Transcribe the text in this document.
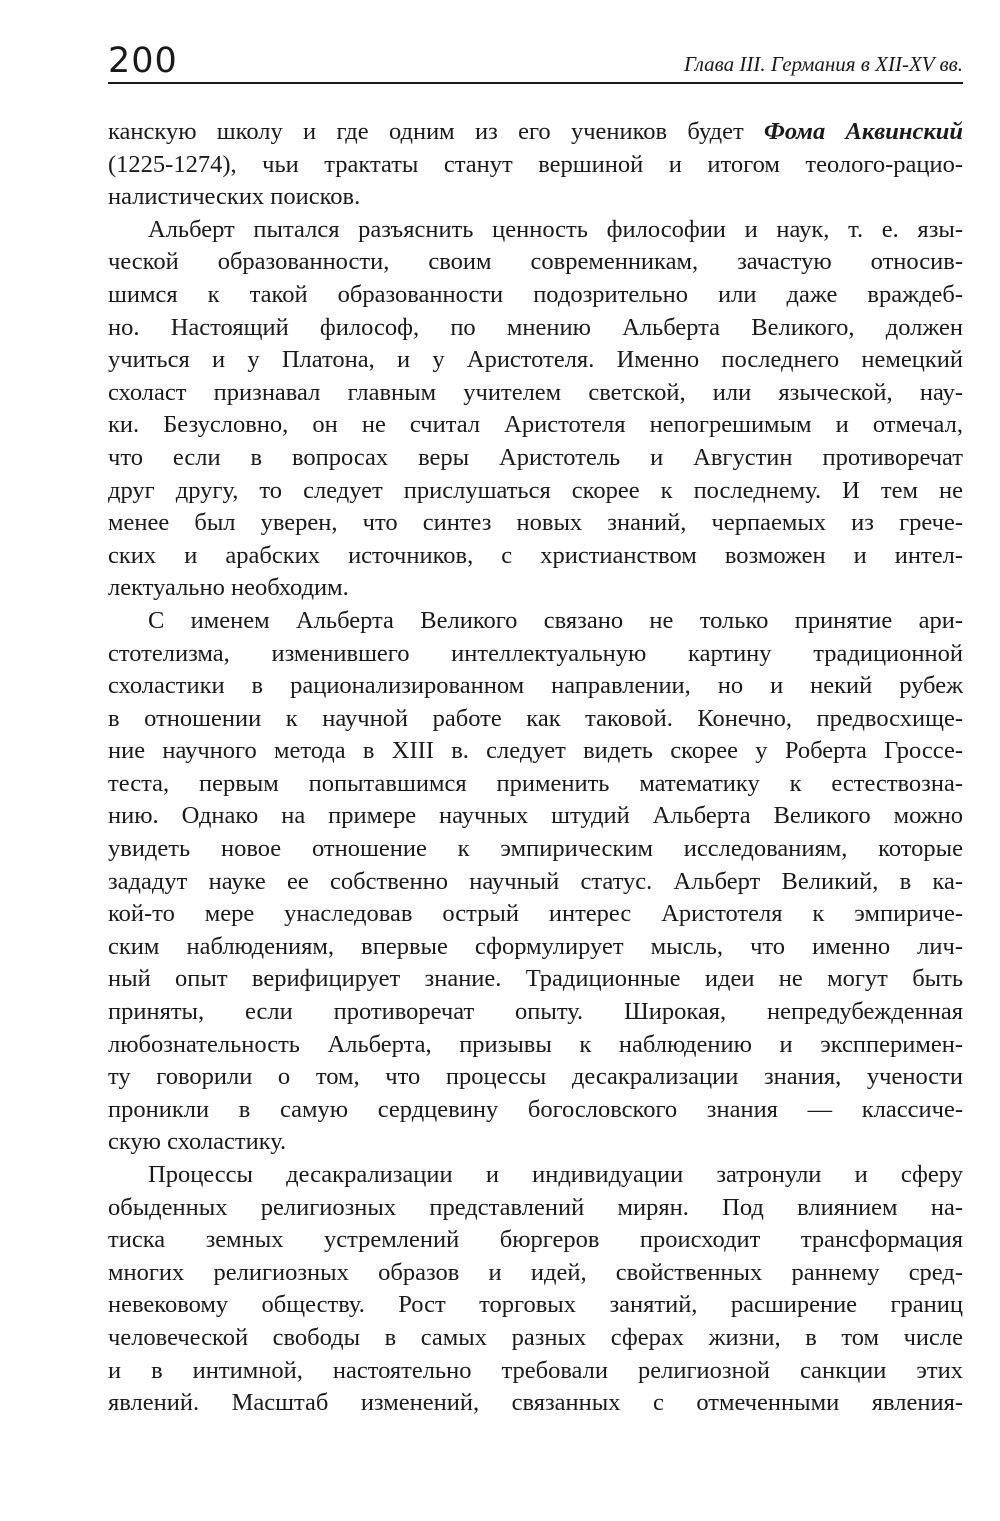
200	Глава III. Германия в XII-XV вв.
канскую школу и где одним из его учеников будет Фома Аквинский
(1225-1274), чьи трактаты станут вершиной и итогом теолого-рацио-
налистических поисков.
Альберт пытался разъяснить ценность философии и наук, т. е. язы-
ческой образованности, своим современникам, зачастую относив-
шимся к такой образованности подозрительно или даже враждеб-
но. Настоящий философ, по мнению Альберта Великого, должен
учиться и у Платона, и у Аристотеля. Именно последнего немецкий
схоласт признавал главным учителем светской, или языческой, нау-
ки. Безусловно, он не считал Аристотеля непогрешимым и отмечал,
что если в вопросах веры Аристотель и Августин противоречат
друг другу, то следует прислушаться скорее к последнему. И тем не
менее был уверен, что синтез новых знаний, черпаемых из грече-
ских и арабских источников, с христианством возможен и интел-
лектуально необходим.
С именем Альберта Великого связано не только принятие ари-
стотелизма, изменившего интеллектуальную картину традиционной
схоластики в рационализированном направлении, но и некий рубеж
в отношении к научной работе как таковой. Конечно, предвосхище-
ние научного метода в XIII в. следует видеть скорее у Роберта Гроссе-
теста, первым попытавшимся применить математику к естествозна-
нию. Однако на примере научных штудий Альберта Великого можно
увидеть новое отношение к эмпирическим исследованиям, которые
зададут науке ее собственно научный статус. Альберт Великий, в ка-
кой-то мере унаследовав острый интерес Аристотеля к эмпириче-
ским наблюдениям, впервые сформулирует мысль, что именно лич-
ный опыт верифицирует знание. Традиционные идеи не могут быть
приняты, если противоречат опыту. Широкая, непредубежденная
любознательность Альберта, призывы к наблюдению и экспперимен-
ту говорили о том, что процессы десакрализации знания, учености
проникли в самую сердцевину богословского знания — классиче-
скую схоластику.
Процессы десакрализации и индивидуации затронули и сферу
обыденных религиозных представлений мирян. Под влиянием на-
тиска земных устремлений бюргеров происходит трансформация
многих религиозных образов и идей, свойственных раннему сред-
невековому обществу. Рост торговых занятий, расширение границ
человеческой свободы в самых разных сферах жизни, в том числе
и в интимной, настоятельно требовали религиозной санкции этих
явлений. Масштаб изменений, связанных с отмеченными явления-
